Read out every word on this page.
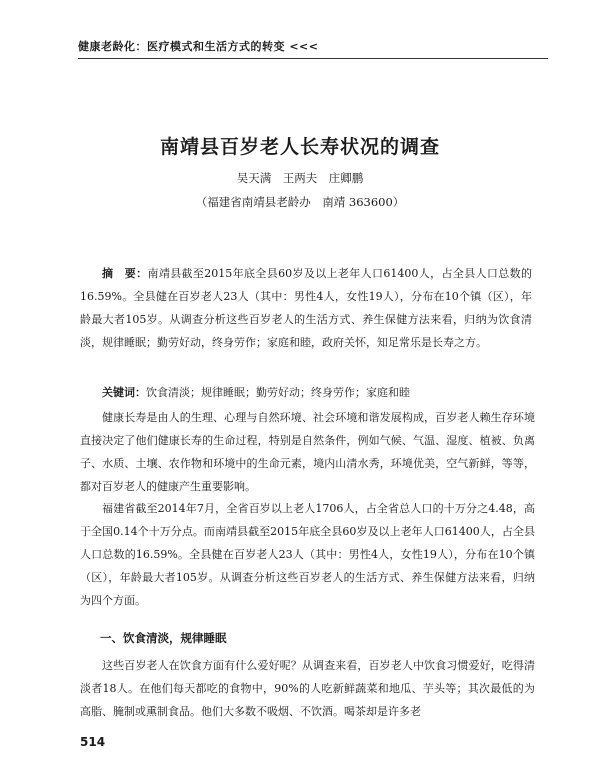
健康老龄化：医疗模式和生活方式的转变 <<<
南靖县百岁老人长寿状况的调查
吴天满　王两夫　庄卿鹏
（福建省南靖县老龄办　南靖 363600）
摘　要：南靖县截至2015年底全县60岁及以上老年人口61400人，占全县人口总数的16.59%。全县健在百岁老人23人（其中：男性4人，女性19人），分布在10个镇（区），年龄最大者105岁。从调查分析这些百岁老人的生活方式、养生保健方法来看，归纳为饮食清淡，规律睡眠；勤劳好动，终身劳作；家庭和睦，政府关怀，知足常乐是长寿之方。
关键词：饮食清淡；规律睡眠；勤劳好动；终身劳作；家庭和睦
健康长寿是由人的生理、心理与自然环境、社会环境和谐发展构成，百岁老人赖生存环境直接决定了他们健康长寿的生命过程，特别是自然条件，例如气候、气温、湿度、植被、负离子、水质、土壤、农作物和环境中的生命元素，境内山清水秀，环境优美，空气新鲜，等等，都对百岁老人的健康产生重要影响。
福建省截至2014年7月，全省百岁以上老人1706人，占全省总人口的十万分之4.48，高于全国0.14个十万分点。而南靖县截至2015年底全县60岁及以上老年人口61400人，占全县人口总数的16.59%。全县健在百岁老人23人（其中：男性4人，女性19人），分布在10个镇（区），年龄最大者105岁。从调查分析这些百岁老人的生活方式、养生保健方法来看，归纳为四个方面。
一、饮食清淡，规律睡眠
这些百岁老人在饮食方面有什么爱好呢？从调查来看，百岁老人中饮食习惯爱好，吃得清淡者18人。在他们每天都吃的食物中，90%的人吃新鲜蔬菜和地瓜、芋头等；其次最低的为高脂、腌制或熏制食品。他们大多数不吸烟、不饮酒。喝茶却是许多老
514
